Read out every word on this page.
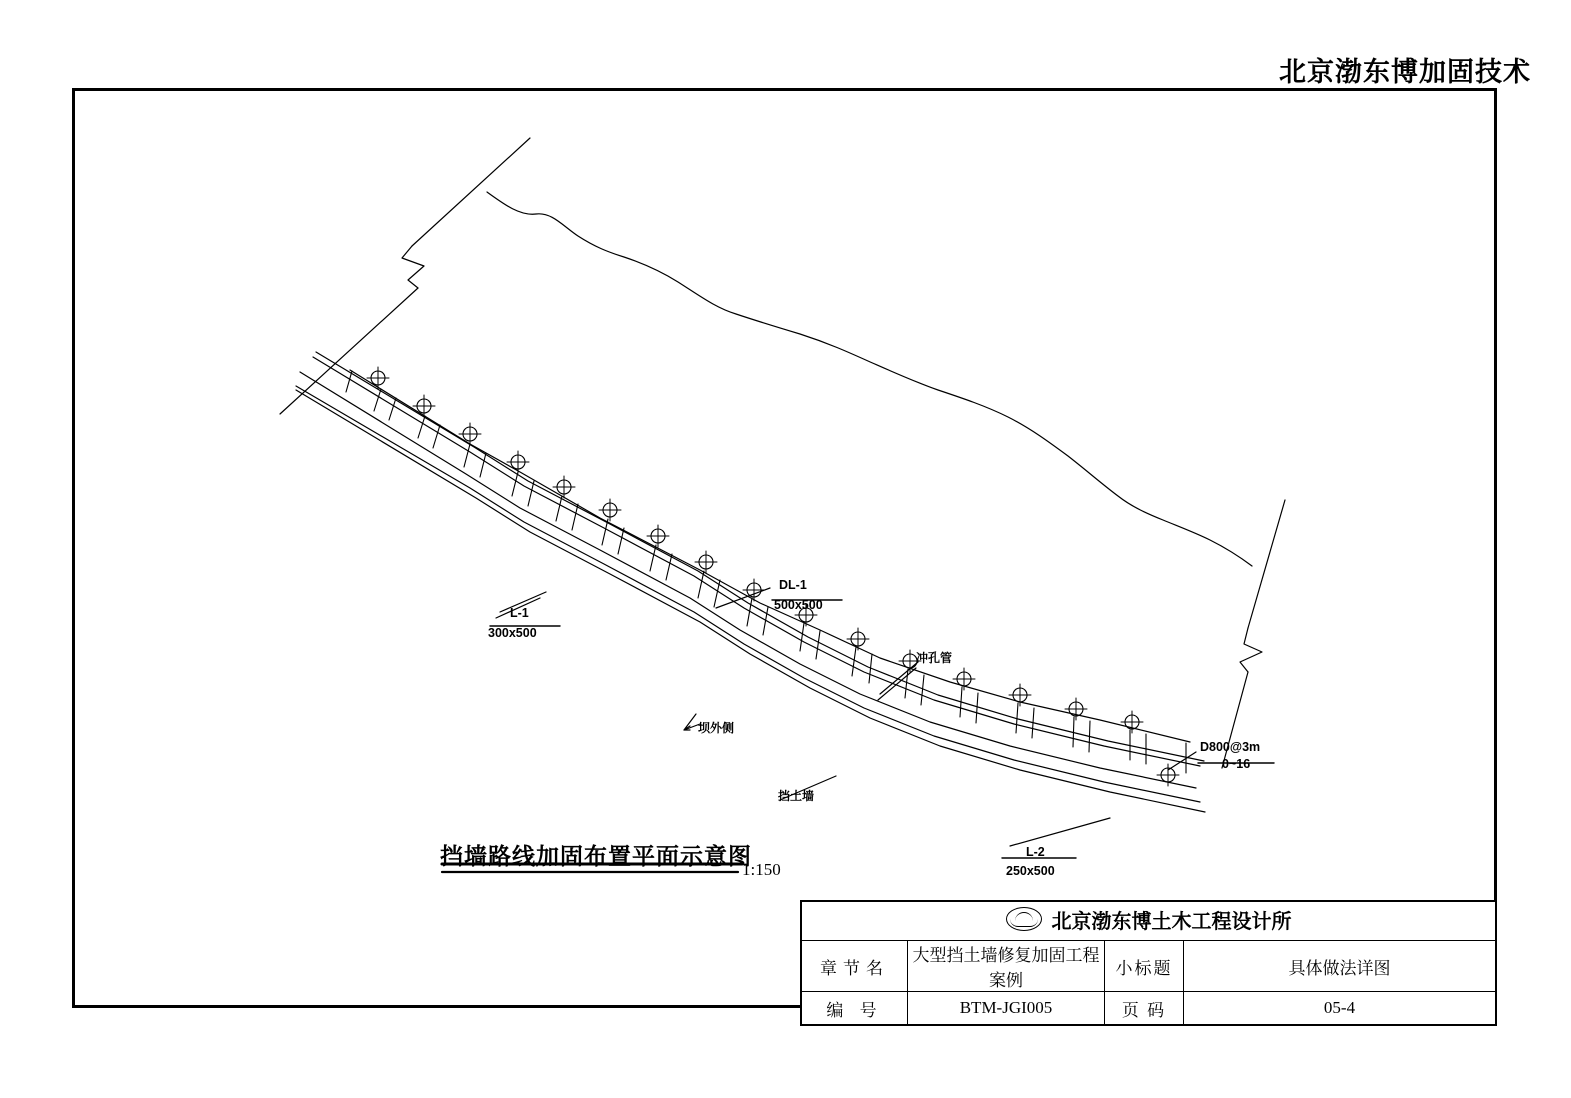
北京渤东博加固技术
L-1
300x500
DL-1
500x500
冲孔管
坝外侧
挡土墙
D800@3m
0~16
L-2
250x500
挡墙路线加固布置平面示意图
1:150
北京渤东博土木工程设计所			

章节名	大型挡土墙修复加固工程案例	小标题	具体做法详图
编 号	BTM-JGI005	页 码	05-4
